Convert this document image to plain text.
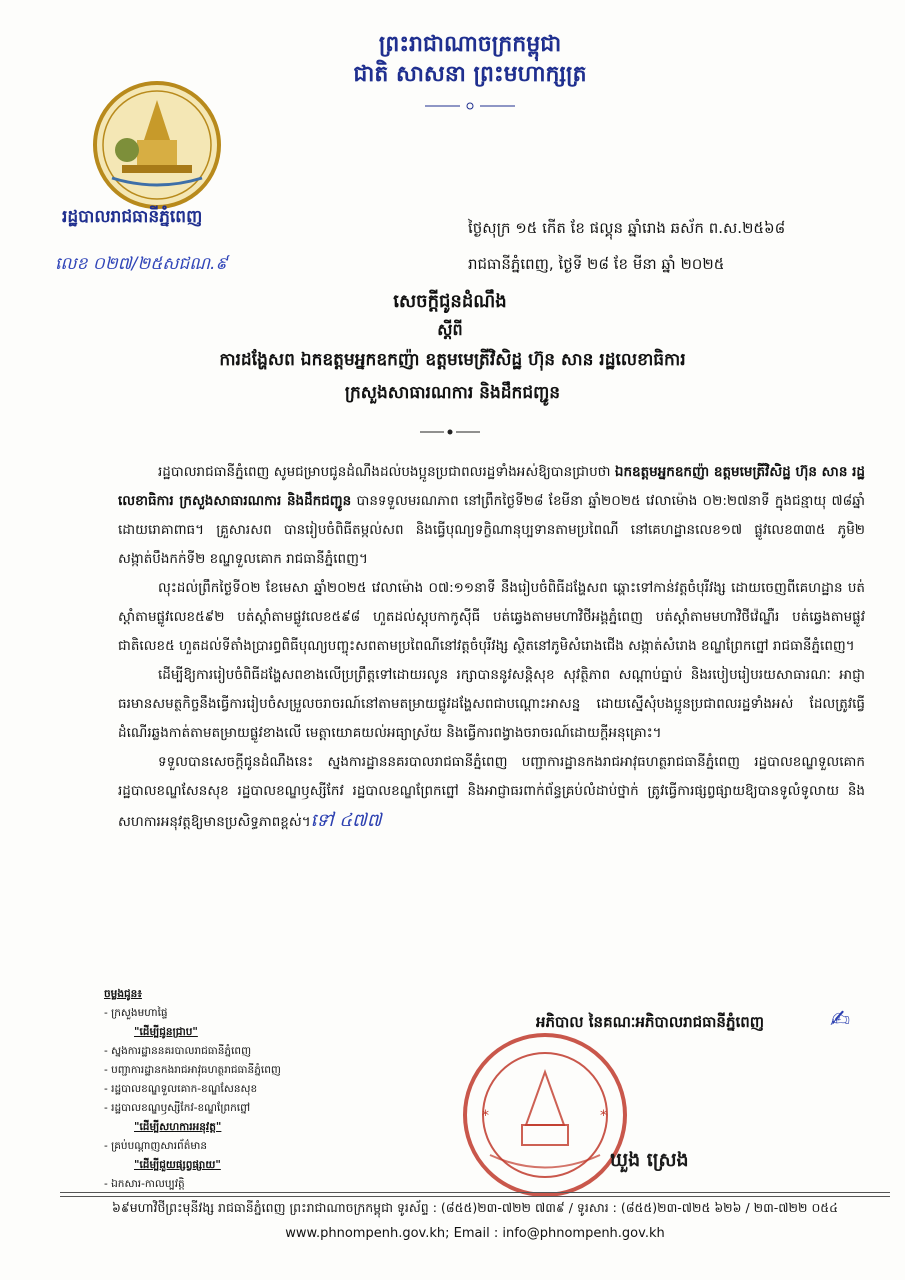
ព្រះរាជាណាចក្រកម្ពុជា
ជាតិ សាសនា ព្រះមហាក្សត្រ
រដ្ឋបាលរាជធានីភ្នំពេញ
លេខ ០២៧/២៥សជណ.៩
ថ្ងៃសុក្រ ១៥ កើត ខែ ផល្គុន ឆ្នាំរោង ឆស័ក ព.ស.២៥៦៨
រាជធានីភ្នំពេញ, ថ្ងៃទី ២៨ ខែ មីនា ឆ្នាំ ២០២៥
សេចក្ដីជូនដំណឹង
ស្ដីពី
ការដង្ហែសព ឯកឧត្តមអ្នកឧកញ៉ា ឧត្តមមេត្រីវិសិដ្ឋ ហ៊ុន សាន រដ្ឋលេខាធិការ
ក្រសួងសាធារណការ និងដឹកជញ្ជូន

រដ្ឋបាលរាជធានីភ្នំពេញ សូមជម្រាបជូនដំណឹងដល់បងប្អូនប្រជាពលរដ្ឋទាំងអស់ឱ្យបានជ្រាបថា ឯកឧត្តមអ្នកឧកញ៉ា ឧត្តមមេត្រីវិសិដ្ឋ ហ៊ុន សាន រដ្ឋលេខាធិការ ក្រសួងសាធារណការ និងដឹកជញ្ជូន បានទទួលមរណភាព នៅព្រឹកថ្ងៃទី២៨ ខែមីនា ឆ្នាំ២០២៥ វេលាម៉ោង ០២:២៧នាទី ក្នុងជន្មាយុ ៧៨ឆ្នាំ ដោយរោគាពាធ។ គ្រួសារសព បានរៀបចំពិធីតម្កល់សព និងធ្វើបុណ្យទក្ខិណានុប្បទានតាមប្រពៃណី នៅគេហដ្ឋានលេខ១៧ ផ្លូវលេខ៣៣៥ ភូមិ២ សង្កាត់បឹងកក់ទី២ ខណ្ឌទួលគោក រាជធានីភ្នំពេញ។

លុះដល់ព្រឹកថ្ងៃទី០២ ខែមេសា ឆ្នាំ២០២៥ វេលាម៉ោង ០៧:១១នាទី នឹងរៀបចំពិធីដង្ហែសព ឆ្ពោះទៅកាន់វត្តចំបុរីវង្ស ដោយចេញពីគេហដ្ឋាន បត់ស្ដាំតាមផ្លូវលេខ៥៩២ បត់ស្ដាំតាមផ្លូវលេខ៥៩៨ ហួតដល់ស្តុបកាកូស៊ីធី បត់ឆ្វេងតាមមហាវិថីអង្គភ្នំពេញ បត់ស្ដាំតាមមហាវិថីវ៉េណ្ឌឺរ បត់ឆ្វេងតាមផ្លូវជាតិលេខ៥ ហួតដល់ទីតាំងប្រារព្ធពិធីបុណ្យបញ្ចុះសពតាមប្រពៃណីនៅវត្តចំបុរីវង្ស ស្ថិតនៅភូមិសំរោងជើង សង្កាត់សំរោង ខណ្ឌព្រែកព្នៅ រាជធានីភ្នំពេញ។

ដើម្បីឱ្យការរៀបចំពិធីដង្ហែសពខាងលើប្រព្រឹត្តទៅដោយរលូន រក្សាបាននូវសន្តិសុខ សុវត្ថិភាព សណ្ដាប់ធ្នាប់ និងរបៀបរៀបរយសាធារណៈ អាជ្ញាធរមានសមត្ថកិច្ចនឹងធ្វើការរៀបចំសម្រួលចរាចរណ៍នៅតាមតម្រាយផ្លូវដង្ហែសពជាបណ្ដោះអាសន្ន ដោយស្នើសុំបងប្អូនប្រជាពលរដ្ឋទាំងអស់ ដែលត្រូវធ្វើដំណើរឆ្លងកាត់តាមតម្រាយផ្លូវខាងលើ មេត្តាយោគយល់អធ្យាស្រ័យ និងធ្វើការពង្វាងចរាចរណ៍ដោយក្ដីអនុគ្រោះ។

ទទួលបានសេចក្ដីជូនដំណឹងនេះ ស្នងការដ្ឋាននគរបាលរាជធានីភ្នំពេញ បញ្ជាការដ្ឋានកងរាជអាវុធហត្ថរាជធានីភ្នំពេញ រដ្ឋបាលខណ្ឌទួលគោក រដ្ឋបាលខណ្ឌសែនសុខ រដ្ឋបាលខណ្ឌឫស្សីកែវ រដ្ឋបាលខណ្ឌព្រែកព្នៅ និងអាជ្ញាធរពាក់ព័ន្ធគ្រប់លំដាប់ថ្នាក់ ត្រូវធ្វើការផ្សព្វផ្សាយឱ្យបានទូលំទូលាយ និងសហការអនុវត្តឱ្យមានប្រសិទ្ធភាពខ្ពស់។ទៅ ៤៧៧

ចម្លងជូន៖
- ក្រសួងមហាផ្ទៃ
"ដើម្បីជូនជ្រាប"
- ស្នងការដ្ឋាននគរបាលរាជធានីភ្នំពេញ
- បញ្ជាការដ្ឋានកងរាជអាវុធហត្ថរាជធានីភ្នំពេញ
- រដ្ឋបាលខណ្ឌទួលគោក-ខណ្ឌសែនសុខ
- រដ្ឋបាលខណ្ឌឫស្សីកែវ-ខណ្ឌព្រែកព្នៅ
"ដើម្បីសហការអនុវត្ត"
- គ្រប់បណ្ដាញសារព័ត៌មាន
"ដើម្បីជួយផ្សព្វផ្សាយ"
- ឯកសារ-កាលប្បវត្តិ
អភិបាល នៃគណៈអភិបាលរាជធានីភ្នំពេញ	✍
*	*
ឃួង ស្រេង
៦៩មហាវិថីព្រះមុនីវង្ស រាជធានីភ្នំពេញ ព្រះរាជាណាចក្រកម្ពុជា ទូរស័ព្ទ : (៨៥៥)២៣-៧២២ ៧៣៩ / ទូរសារ : (៨៥៥)២៣-៧២៥ ៦២៦ / ២៣-៧២២ ០៥៤
www.phnompenh.gov.kh; Email : info@phnompenh.gov.kh
